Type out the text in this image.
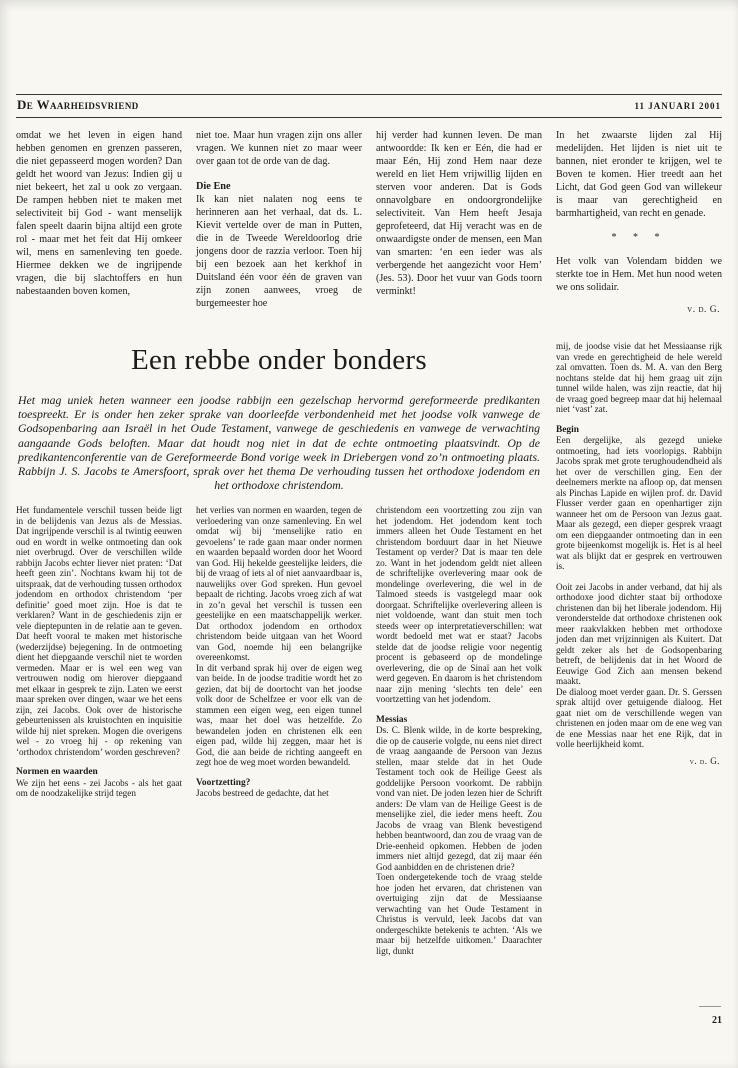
De Waarheidsvriend	11 JANUARI 2001

omdat we het leven in eigen hand hebben genomen en grenzen passeren, die niet gepasseerd mogen worden? Dan geldt het woord van Jezus: Indien gij u niet bekeert, het zal u ook zo vergaan. De rampen hebben niet te maken met selectiviteit bij God - want menselijk falen speelt daarin bijna altijd een grote rol - maar met het feit dat Hij omkeer wil, mens en samenleving ten goede. Hiermee dekken we de ingrijpende vragen, die bij slachtoffers en hun nabestaanden boven komen,

niet toe. Maar hun vragen zijn ons aller vragen. We kunnen niet zo maar weer over gaan tot de orde van de dag.

Die Ene

Ik kan niet nalaten nog eens te herinneren aan het verhaal, dat ds. L. Kievit vertelde over de man in Putten, die in de Tweede Wereldoorlog drie jongens door de razzia verloor. Toen hij bij een bezoek aan het kerkhof in Duitsland één voor één de graven van zijn zonen aanwees, vroeg de burgemeester hoe

hij verder had kunnen leven. De man antwoordde: Ik ken er Eén, die had er maar Eén, Hij zond Hem naar deze wereld en liet Hem vrijwillig lijden en sterven voor anderen. Dat is Gods onnavolgbare en ondoorgrondelijke selectiviteit. Van Hem heeft Jesaja geprofeteerd, dat Hij veracht was en de onwaardigste onder de mensen, een Man van smarten: ‘en een ieder was als verbergende het aangezicht voor Hem’ (Jes. 53). Door het vuur van Gods toorn verminkt!

In het zwaarste lijden zal Hij medelijden. Het lijden is niet uit te bannen, niet eronder te krijgen, wel te Boven te komen. Hier treedt aan het Licht, dat God geen God van willekeur is maar van gerechtigheid en barmhartigheid, van recht en genade.

* * *

Het volk van Volendam bidden we sterkte toe in Hem. Met hun nood weten we ons solidair.

v. d. G.
Een rebbe onder bonders
Het mag uniek heten wanneer een joodse rabbijn een gezelschap hervormd gereformeerde predikanten toespreekt. Er is onder hen zeker sprake van doorleefde verbondenheid met het joodse volk vanwege de Godsopenbaring aan Israël in het Oude Testament, vanwege de geschiedenis en vanwege de verwachting aangaande Gods beloften. Maar dat houdt nog niet in dat de echte ontmoeting plaatsvindt. Op de predikantenconferentie van de Gereformeerde Bond vorige week in Driebergen vond zo’n ontmoeting plaats. Rabbijn J. S. Jacobs te Amersfoort, sprak over het thema De verhouding tussen het orthodoxe jodendom en het orthodoxe christendom.

Het fundamentele verschil tussen beide ligt in de belijdenis van Jezus als de Messias. Dat ingrijpende verschil is al twintig eeuwen oud en wordt in welke ontmoeting dan ook niet overbrugd. Over de verschillen wilde rabbijn Jacobs echter liever niet praten: ‘Dat heeft geen zin’. Nochtans kwam hij tot de uitspraak, dat de verhouding tussen orthodox jodendom en orthodox christendom ‘per definitie’ goed moet zijn. Hoe is dat te verklaren? Want in de geschiedenis zijn er vele dieptepunten in de relatie aan te geven. Dat heeft vooral te maken met historische (wederzijdse) bejegening. In de ontmoeting dient het diepgaande verschil niet te worden vermeden. Maar er is wel een weg van vertrouwen nodig om hierover diepgaand met elkaar in gesprek te zijn. Laten we eerst maar spreken over dingen, waar we het eens zijn, zei Jacobs. Ook over de historische gebeurtenissen als kruistochten en inquisitie wilde hij niet spreken. Mogen die overigens wel - zo vroeg hij - op rekening van ‘orthodox christendom’ worden geschreven?

Normen en waarden

We zijn het eens - zei Jacobs - als het gaat om de noodzakelijke strijd tegen

het verlies van normen en waarden, tegen de verloedering van onze samenleving. En wel omdat wij bij ‘menselijke ratio en gevoelens’ te rade gaan maar onder normen en waarden bepaald worden door het Woord van God. Hij hekelde geestelijke leiders, die bij de vraag of iets al of niet aanvaardbaar is, nauwelijks over God spreken. Hun gevoel bepaalt de richting. Jacobs vroeg zich af wat in zo’n geval het verschil is tussen een geestelijke en een maatschappelijk werker. Dat orthodox jodendom en orthodox christendom beide uitgaan van het Woord van God, noemde hij een belangrijke overeenkomst.

In dit verband sprak hij over de eigen weg van beide. In de joodse traditie wordt het zo gezien, dat bij de doortocht van het joodse volk door de Schelfzee er voor elk van de stammen een eigen weg, een eigen tunnel was, maar het doel was hetzelfde. Zo bewandelen joden en christenen elk een eigen pad, wilde hij zeggen, maar het is God, die aan beide de richting aangeeft en zegt hoe de weg moet worden bewandeld.

Voortzetting?

Jacobs bestreed de gedachte, dat het

christendom een voortzetting zou zijn van het jodendom. Het jodendom kent toch immers alleen het Oude Testament en het christendom borduurt daar in het Nieuwe Testament op verder? Dat is maar ten dele zo. Want in het jodendom geldt niet alleen de schriftelijke overlevering maar ook de mondelinge overlevering, die wel in de Talmoed steeds is vastgelegd maar ook doorgaat. Schriftelijke overlevering alleen is niet voldoende, want dan stuit men toch steeds weer op interpretatieverschillen: wat wordt bedoeld met wat er staat? Jacobs stelde dat de joodse religie voor negentig procent is gebaseerd op de mondelinge overlevering, die op de Sinaï aan het volk werd gegeven. En daarom is het christendom naar zijn mening ‘slechts ten dele’ een voortzetting van het jodendom.

Messias

Ds. C. Blenk wilde, in de korte bespreking, die op de causerie volgde, nu eens niet direct de vraag aangaande de Persoon van Jezus stellen, maar stelde dat in het Oude Testament toch ook de Heilige Geest als goddelijke Persoon voorkomt. De rabbijn vond van niet. De joden lezen hier de Schrift anders: De vlam van de Heilige Geest is de menselijke ziel, die ieder mens heeft. Zou Jacobs de vraag van Blenk bevestigend hebben beantwoord, dan zou de vraag van de Drie-eenheid opkomen. Hebben de joden immers niet altijd gezegd, dat zij maar één God aanbidden en de christenen drie?

Toen ondergetekende toch de vraag stelde hoe joden het ervaren, dat christenen van overtuiging zijn dat de Messiaanse verwachting van het Oude Testament in Christus is vervuld, leek Jacobs dat van ondergeschikte betekenis te achten. ‘Als we maar bij hetzelfde uitkomen.’ Daarachter ligt, dunkt

mij, de joodse visie dat het Messiaanse rijk van vrede en gerechtigheid de hele wereld zal omvatten. Toen ds. M. A. van den Berg nochtans stelde dat hij hem graag uit zijn tunnel wilde halen, was zijn reactie, dat hij de vraag goed begreep maar dat hij helemaal niet ‘vast’ zat.

Begin

Een dergelijke, als gezegd unieke ontmoeting, had iets voorlopigs. Rabbijn Jacobs sprak met grote terughoudendheid als het over de verschillen ging. Een der deelnemers merkte na afloop op, dat mensen als Pinchas Lapide en wijlen prof. dr. David Flusser verder gaan en openhartiger zijn wanneer het om de Persoon van Jezus gaat. Maar als gezegd, een dieper gesprek vraagt om een diepgaander ontmoeting dan in een grote bijeenkomst mogelijk is. Het is al heel wat als blijkt dat er gesprek en vertrouwen is.

Ooit zei Jacobs in ander verband, dat hij als orthodoxe jood dichter staat bij orthodoxe christenen dan bij het liberale jodendom. Hij veronderstelde dat orthodoxe christenen ook meer raakvlakken hebben met orthodoxe joden dan met vrijzinnigen als Kuitert. Dat geldt zeker als het de Godsopenbaring betreft, de belijdenis dat in het Woord de Eeuwige God Zich aan mensen bekend maakt.

De dialoog moet verder gaan. Dr. S. Gerssen sprak altijd over getuigende dialoog. Het gaat niet om de verschillende wegen van christenen en joden maar om de ene weg van de ene Messias naar het ene Rijk, dat in volle heerlijkheid komt.

v. d. G.
21
